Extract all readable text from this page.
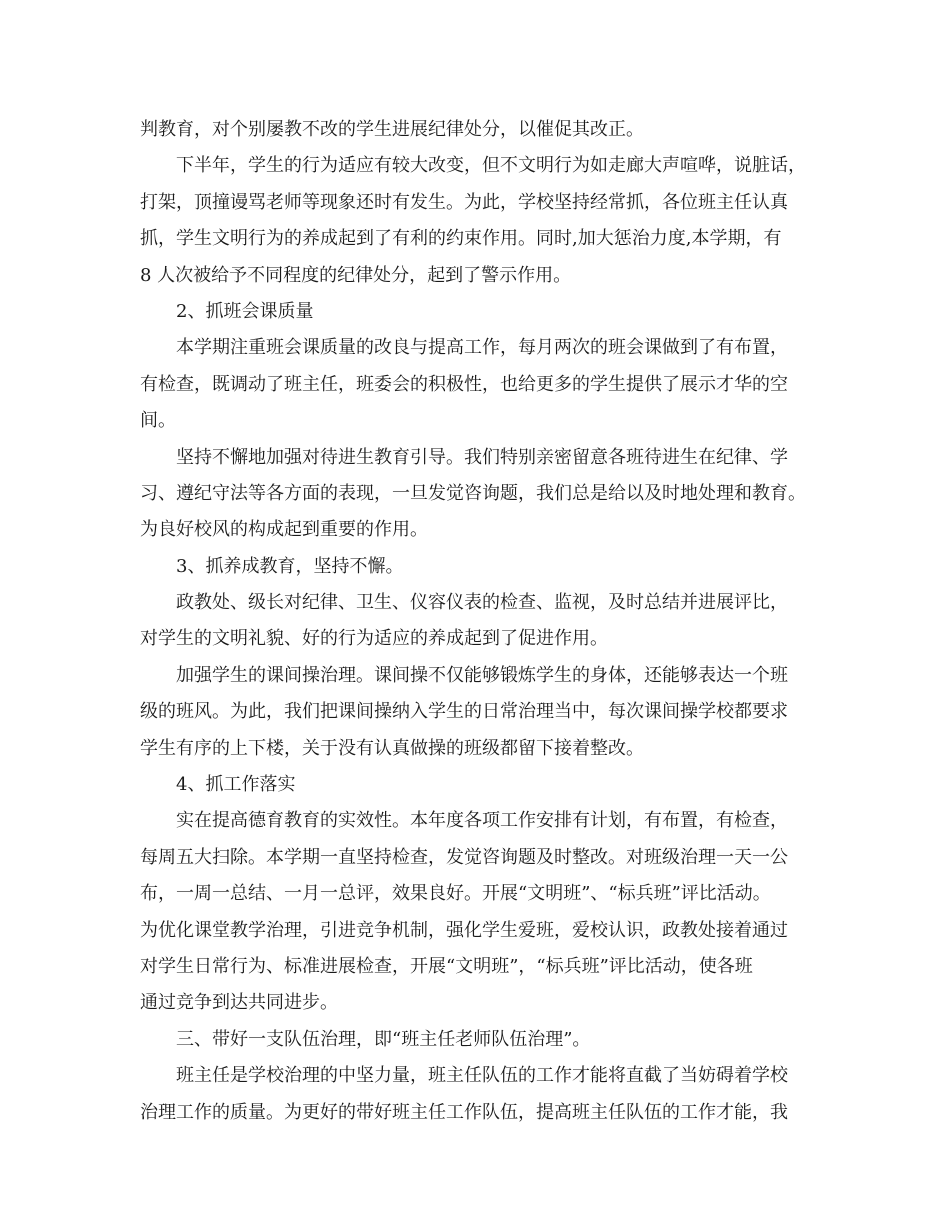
判教育，对个别屡教不改的学生进展纪律处分，以催促其改正。
下半年，学生的行为适应有较大改变，但不文明行为如走廊大声喧哗，说脏话，
打架，顶撞谩骂老师等现象还时有发生。为此，学校坚持经常抓，各位班主任认真
抓，学生文明行为的养成起到了有利的约束作用。同时,加大惩治力度,本学期，有
8 人次被给予不同程度的纪律处分，起到了警示作用。
2、抓班会课质量
本学期注重班会课质量的改良与提高工作，每月两次的班会课做到了有布置，
有检查，既调动了班主任，班委会的积极性，也给更多的学生提供了展示才华的空
间。
坚持不懈地加强对待进生教育引导。我们特别亲密留意各班待进生在纪律、学
习、遵纪守法等各方面的表现，一旦发觉咨询题，我们总是给以及时地处理和教育。
为良好校风的构成起到重要的作用。
3、抓养成教育，坚持不懈。
政教处、级长对纪律、卫生、仪容仪表的检查、监视，及时总结并进展评比，
对学生的文明礼貌、好的行为适应的养成起到了促进作用。
加强学生的课间操治理。课间操不仅能够锻炼学生的身体，还能够表达一个班
级的班风。为此，我们把课间操纳入学生的日常治理当中，每次课间操学校都要求
学生有序的上下楼，关于没有认真做操的班级都留下接着整改。
4、抓工作落实
实在提高德育教育的实效性。本年度各项工作安排有计划，有布置，有检查，
每周五大扫除。本学期一直坚持检查，发觉咨询题及时整改。对班级治理一天一公
布，一周一总结、一月一总评，效果良好。开展“文明班”、“标兵班”评比活动。
为优化课堂教学治理，引进竞争机制，强化学生爱班，爱校认识，政教处接着通过
对学生日常行为、标准进展检查，开展“文明班”，“标兵班”评比活动，使各班
通过竞争到达共同进步。
三、带好一支队伍治理，即“班主任老师队伍治理”。
班主任是学校治理的中坚力量，班主任队伍的工作才能将直截了当妨碍着学校
治理工作的质量。为更好的带好班主任工作队伍，提高班主任队伍的工作才能，我
